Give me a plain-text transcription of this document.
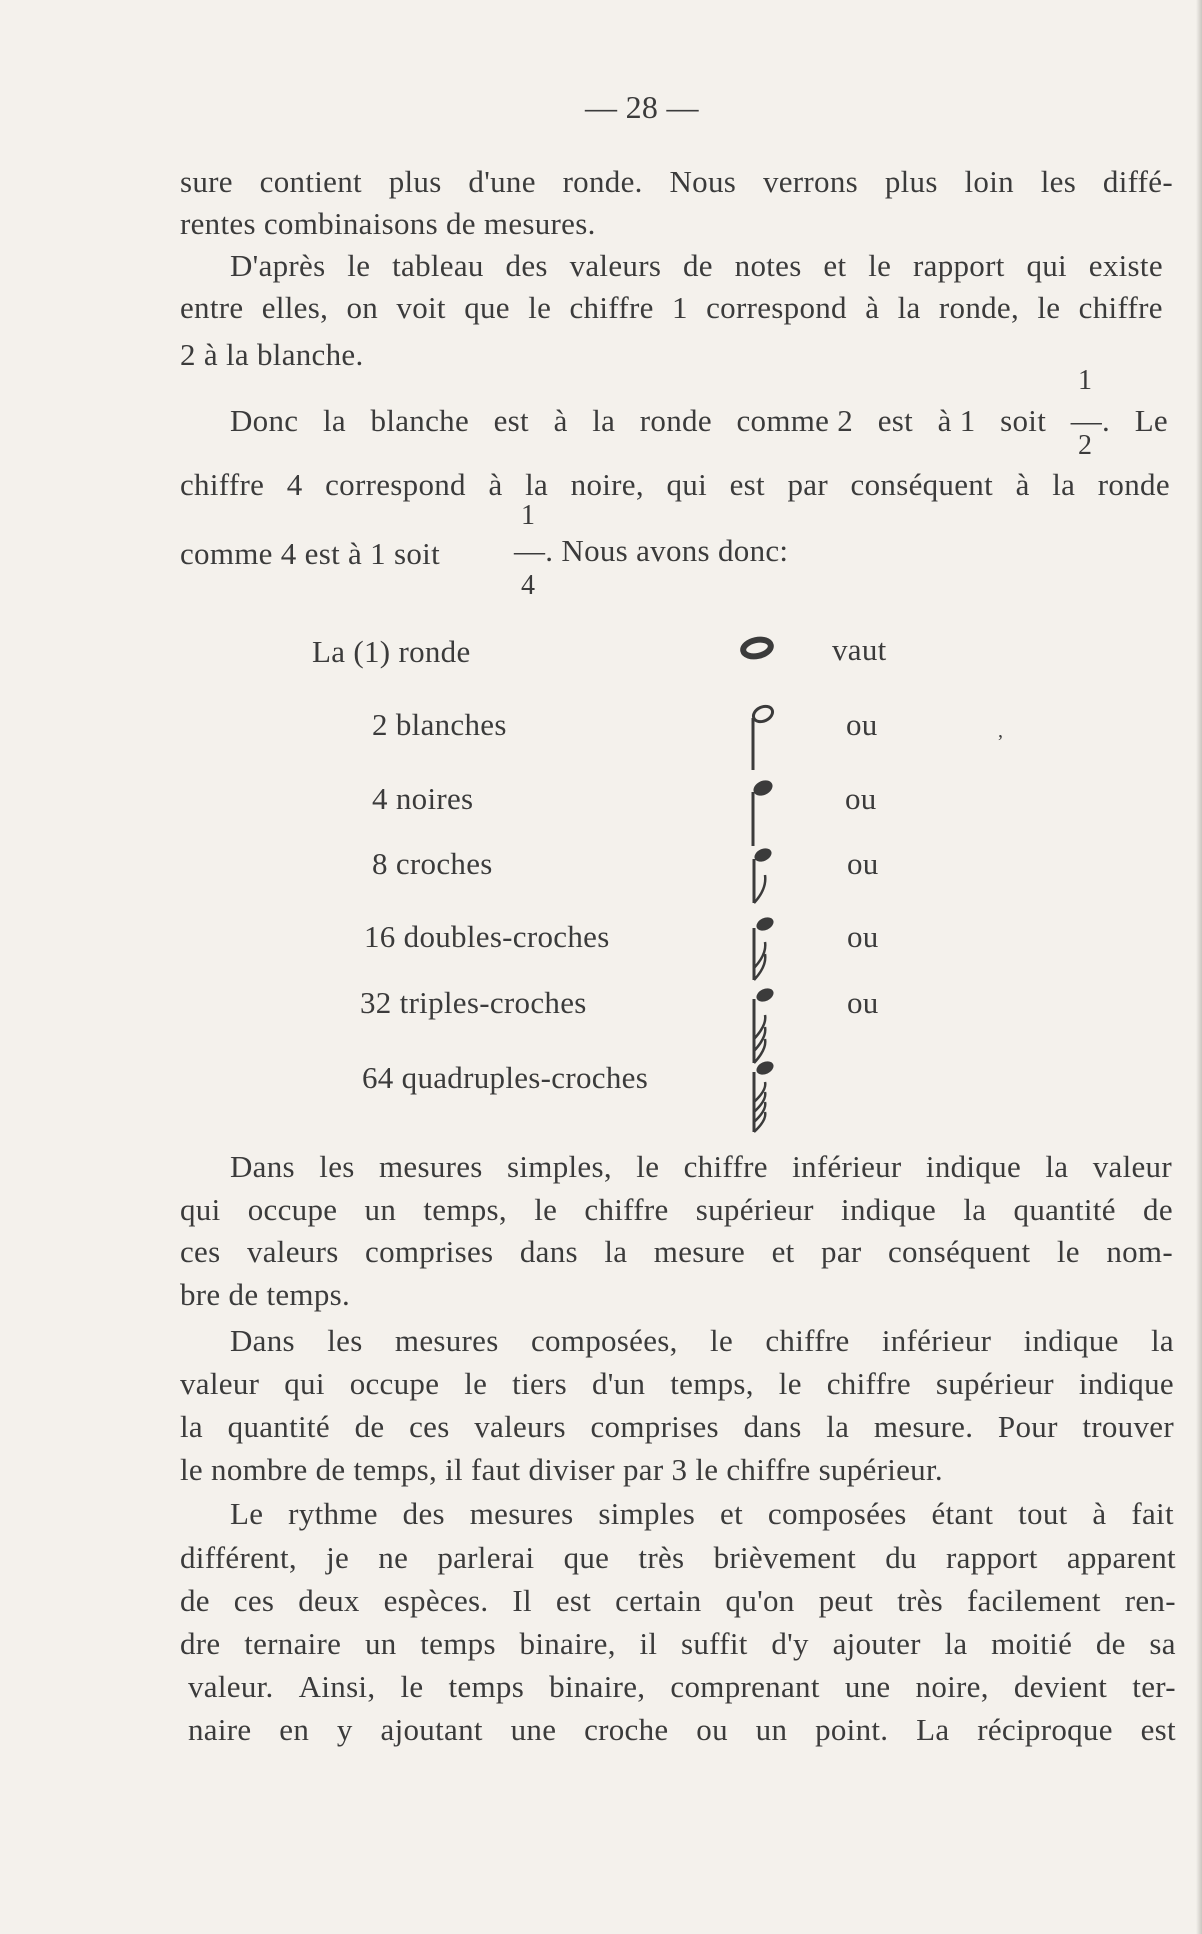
— 28 —
sure contient plus d'une ronde. Nous verrons plus loin les diffé-
rentes combinaisons de mesures.
D'après le tableau des valeurs de notes et le rapport qui existe
entre elles, on voit que le chiffre 1 correspond à la ronde, le chiffre
2 à la blanche.
1
Donc la blanche est à la ronde comme 2 est à 1 soit —. Le
2
chiffre 4 correspond à la noire, qui est par conséquent à la ronde
1
comme 4 est à 1 soit —. Nous avons donc:
4
La (1) ronde	vaut
2 blanches	ou	,
4 noires	ou
8 croches	ou
16 doubles-croches	ou
32 triples-croches	ou
64 quadruples-croches
Dans les mesures simples, le chiffre inférieur indique la valeur
qui occupe un temps, le chiffre supérieur indique la quantité de
ces valeurs comprises dans la mesure et par conséquent le nom-
bre de temps.
Dans les mesures composées, le chiffre inférieur indique la
valeur qui occupe le tiers d'un temps, le chiffre supérieur indique
la quantité de ces valeurs comprises dans la mesure. Pour trouver
le nombre de temps, il faut diviser par 3 le chiffre supérieur.
Le rythme des mesures simples et composées étant tout à fait
différent, je ne parlerai que très brièvement du rapport apparent
de ces deux espèces. Il est certain qu'on peut très facilement ren-
dre ternaire un temps binaire, il suffit d'y ajouter la moitié de sa
valeur. Ainsi, le temps binaire, comprenant une noire, devient ter-
naire en y ajoutant une croche ou un point. La réciproque est
